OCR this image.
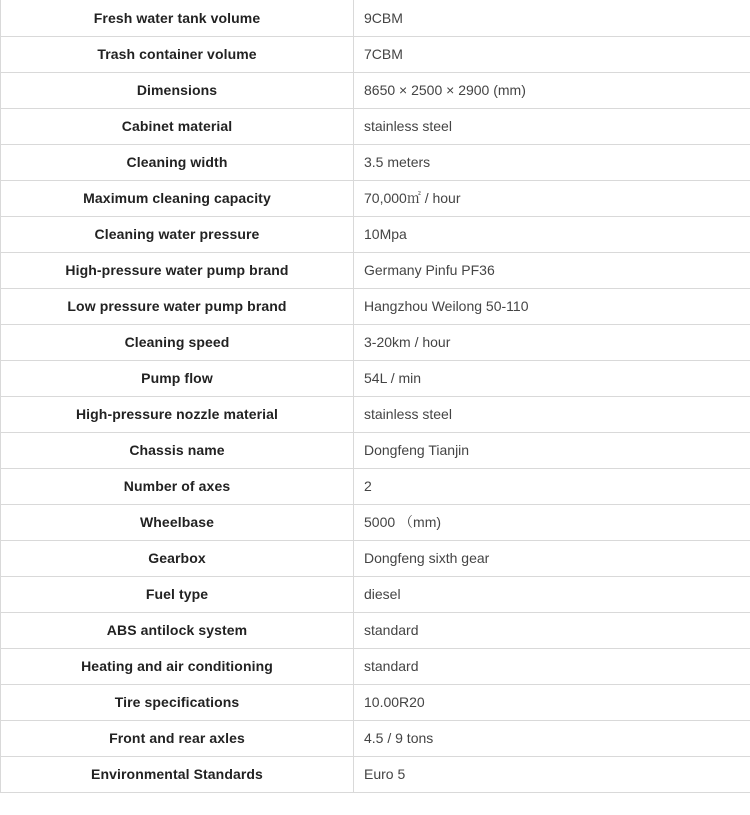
Fresh water tank volume	9CBM
Trash container volume	7CBM
Dimensions	8650 × 2500 × 2900 (mm)
Cabinet material	stainless steel
Cleaning width	3.5 meters
Maximum cleaning capacity	70,000㎡ / hour
Cleaning water pressure	10Mpa
High-pressure water pump brand	Germany Pinfu PF36
Low pressure water pump brand	Hangzhou Weilong 50-110
Cleaning speed	3-20km / hour
Pump flow	54L / min
High-pressure nozzle material	stainless steel
Chassis name	Dongfeng Tianjin
Number of axes	2
Wheelbase	5000 （mm)
Gearbox	Dongfeng sixth gear
Fuel type	diesel
ABS antilock system	standard
Heating and air conditioning	standard
Tire specifications	10.00R20
Front and rear axles	4.5 / 9 tons
Environmental Standards	Euro 5
